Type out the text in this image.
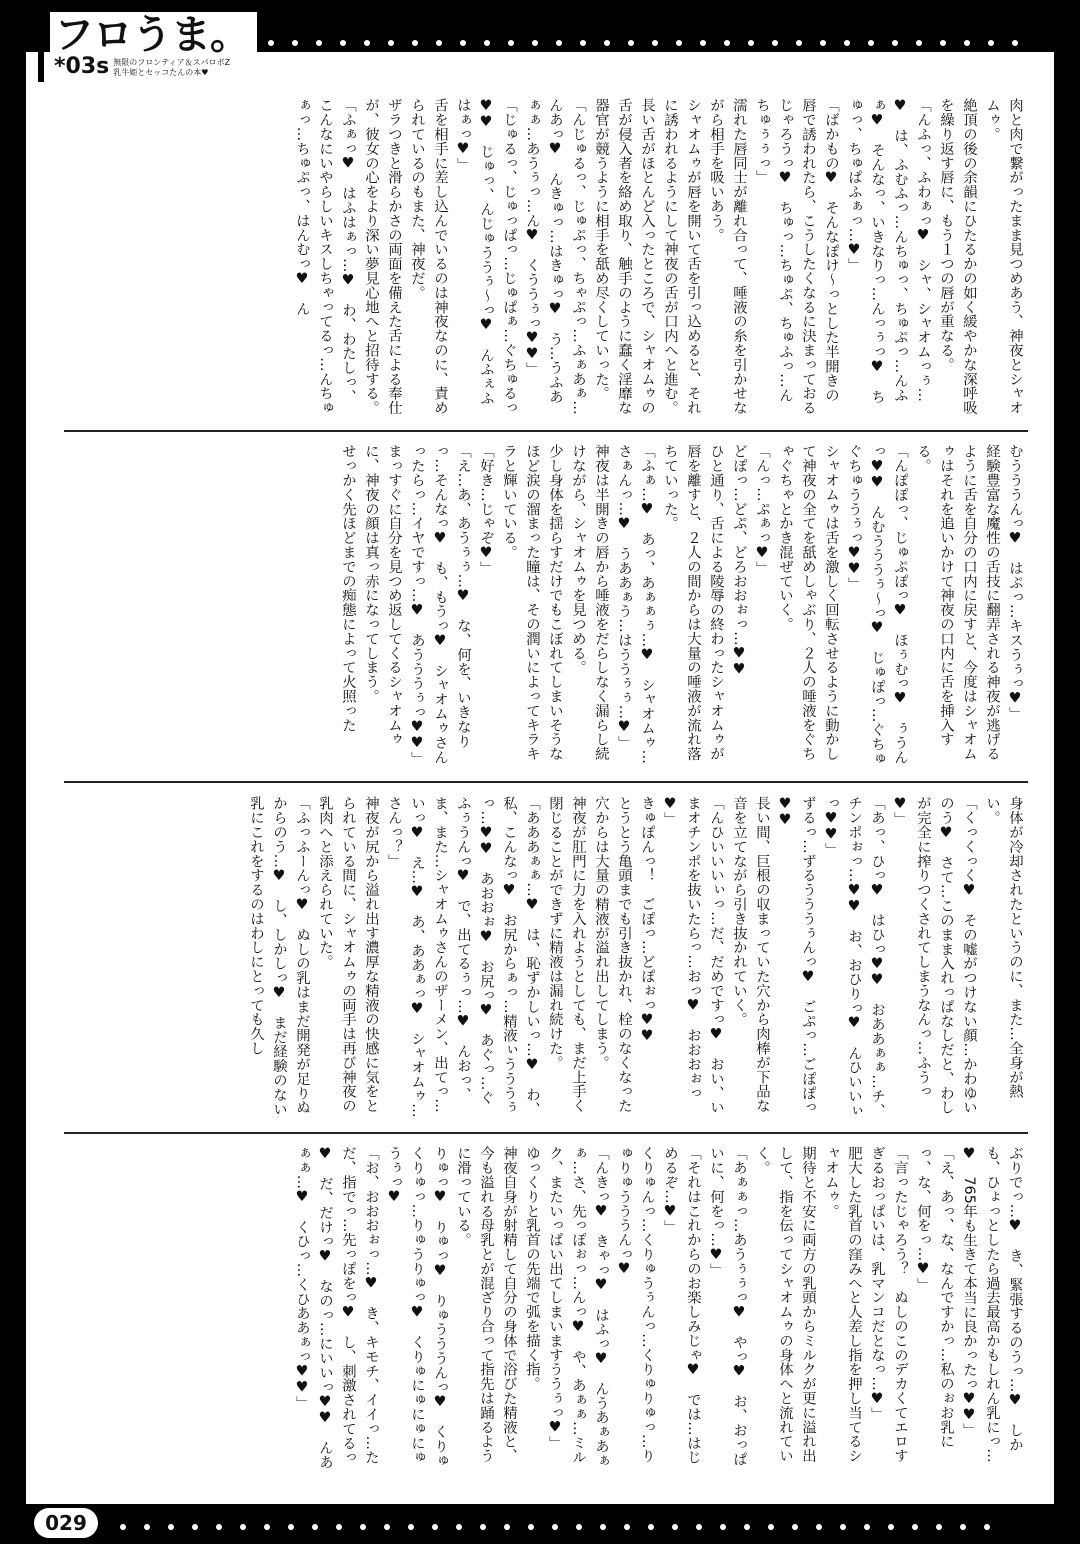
フロうま。
*03s 無限のフロンティア＆スパロボZ
乳牛姫とセッコたんの本♥
肉と肉で繋がったまま見つめあう、神夜とシャオムゥ。
絶頂の後の余韻にひたるかの如く緩やかな深呼吸を繰り返す唇に、もう１つの唇が重なる。
「んふっ、ふわぁっ♥　シャ、シャオムっぅ…♥　は、ふむふっ…んちゅっ、ちゅぷっ…んふぁ♥　そんなっ、いきなりっ…んっぅっ♥　ちゅっ、ちゅぱふぁっ…♥」
「ばかもの♥　そんなぽけ〜っとした半開きの唇で誘われたら、こうしたくなるに決まっておるじゃろうっ♥　ちゅっ…ちゅぷ、ちゅふっ…んちゅぅぅっ」
濡れた唇同士が離れ合って、唾液の糸を引かせながら相手を吸いあう。
シャオムゥが唇を開いて舌を引っ込めると、それに誘われるようにして神夜の舌が口内へと進む。
長い舌がほとんど入ったところで、シャオムゥの舌が侵入者を絡め取り、触手のように蠢く淫靡な器官が競うように相手を舐め尽くしていった。
「んじゅるっ、じゅぷっ、ちゃぷっ…ふぁあぁ…んあっ♥　んきゅっ…はきゅっ♥　う…うふあぁぁ…あうぅっ…ん♥　くううぅっ♥♥」
「じゅるっ、じゅっぱっ…じゅぱぁ…ぐちゅるっ♥♥　じゅっ、んじゅううぅ〜っ♥　んふぇふはぁっ♥」
舌を相手に差し込んでいるのは神夜なのに、責められているのもまた、神夜だ。
ザラつきと滑らかさの両面を備えた舌による奉仕が、彼女の心をより深い夢見心地へと招待する。
「ふぁっ♥　はふはぁっ…♥　わ、わたしっ、こんなにいやらしいキスしちゃってるっ…んちゅぁっ…ちゅぷっ、はんむっ♥　ん
むうううんっ♥　はぷっ…キスうぅっ♥」
経験豊富な魔性の舌技に翻弄される神夜が逃げるように舌を自分の口内に戻すと、今度はシャオムゥはそれを追いかけて神夜の口内に舌を挿入する。
「んぽぽっ、じゅぷぽっ♥　ほぅむっ♥　ぅうんっ♥♥　んむうううぅ〜っ♥　じゅぽっ…ぐちゅぐちゅううぅっ♥♥」
シャオムゥは舌を激しく回転させるように動かして神夜の全てを舐めしゃぶり、２人の唾液をぐちゃぐちゃとかき混ぜていく。
「んっ…ぷぁっ♥」
どぽっ…どぷ、どろおおぉっ…♥♥
ひと通り、舌による陵辱の終わったシャオムゥが唇を離すと、２人の間からは大量の唾液が流れ落ちていった。
「ふぁ…♥　あっ、あぁぁぅ…♥　シャオムゥ…さぁんっ…♥　うああぁう…はううぅぅ…♥」
神夜は半開きの唇から唾液をだらしなく漏らし続けながら、シャオムゥを見つめる。
少し身体を揺らすだけでもこぼれてしまいそうなほど涙の溜まった瞳は、その潤いによってキラキラと輝いている。
「好き…じゃぞ♥」
「え…あ、あうぅぅ…♥　な、何を、いきなりっ…そんなっ♥　も、もうっ♥　シャオムゥさんったらっ…イヤですっ…♥　あうううぅっ♥♥」
まっすぐに自分を見つめ返してくるシャオムゥに、神夜の顔は真っ赤になってしまう。
せっかく先ほどまでの痴態によって火照った
身体が冷却されたというのに、また…全身が熱い。
「くっくっく♥　その嘘がつけない顔…かわゆいのう♥　さて…このまま入れっぱなしだと、わしが完全に搾りつくされてしまうなんっ…ふうっ♥」
「あっ、ひっ♥　はひっ♥♥　おああぁぁ…チ、チンポぉっ…♥♥　お、おひりっ♥　んひいいぃっ♥♥」
ずるっ…ずるうううぅんっ♥　ごぷっ…ごぽぽっ♥♥
長い間、巨根の収まっていた穴から肉棒が下品な音を立てながら引き抜かれていく。
「んひいいいぃっ…だ、だめですっ♥　おい、いまオチンポを抜いたらっ…おっ♥　おおおぉっ♥」
きゅぽんっ！　ごぽっ…どぽぉっ♥♥
とうとう亀頭までも引き抜かれ、栓のなくなった穴からは大量の精液が溢れ出してしまう。
神夜が肛門に力を入れようとしても、まだ上手く閉じることができずに精液は漏れ続けた。
「あああぁぁ…♥　は、恥ずかしいっ…♥　わ、私、こんなっ♥　お尻からぁっ…精液ぃうううぅっ…♥♥　あおおぉ♥　お尻っ♥　あぐっ…ぐふぅうんっ♥　で、出てるぅっ…♥　んおっ、ま、また…シャオムゥさんのザーメン、出てっ…いっ♥　え…♥　あ、ああぁっ♥　シャオムゥ…さんっ？」
神夜が尻から溢れ出す濃厚な精液の快感に気をとられている間に、シャオムゥの両手は再び神夜の乳肉へと添えられていた。
「ふっふーんっ♥　ぬしの乳はまだ開発が足りぬからのう…♥　し、しかしっ♥　まだ経験のない乳にこれをするのはわしにとっても久し
ぶりでっ…♥　き、緊張するのうっ…♥　しかも、ひょっとしたら過去最高かもしれん乳にっ…♥　765年も生きて本当に良かったっ♥♥」
「え、あっ、な、なんですかっ…私のぉお乳にっ、な、何をっ…♥」
「言ったじゃろう？　ぬしのこのデカくてエロすぎるおっぱいは、乳マンコだとなっ…♥」
肥大した乳首の窪みへと人差し指を押し当てるシャオムゥ。
期待と不安に両方の乳頭からミルクが更に溢れ出して、指を伝ってシャオムゥの身体へと流れていく。
「あぁぁっ…あうぅぅっ♥　やっ♥　お、おっぱいに、何をっ…♥」
「それはこれからのお楽しみじゃ♥　では…はじめるぞ…♥」
くりゅんっ…くりゅうぅんっ…くりゅりゅっ…りゅりゅうううんっ♥
「んきっ♥　きゃっ♥　はふっ♥　んうあぁあぁぁ…さ、先っぽぉっ…んっ♥　や、あぁぁ…ミルク、またいっぱい出てしまいますううぅっ♥」
ゆっくりと乳首の先端で弧を描く指。
神夜自身が射精して自分の身体で浴びた精液と、今も溢れる母乳とが混ざり合って指先は踊るように滑っている。
りゅっ♥　りゅっ♥　りゅうううんっ♥　くりゅくりゅっ…りゅうりゅっ♥　くりゅにゅにゅにゅうぅっ♥
「お、おおおぉっ…♥　き、キモチ、イイっ…ただ、指でっ…先っぽをっ♥　し、刺激されてるっ♥　だ、だけっ♥　なのっ…にいいっ♥♥　んあぁぁ…♥　くひっ…くひああぁっ♥♥」
029
